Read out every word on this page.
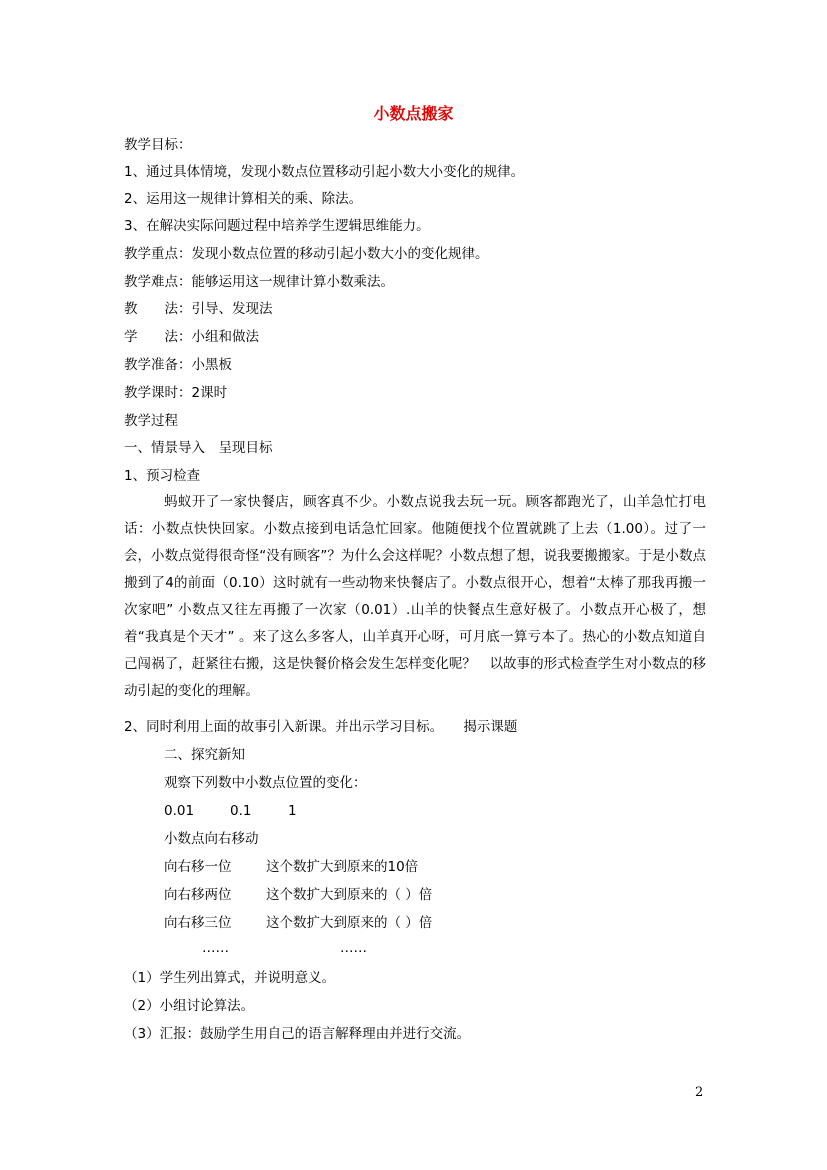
小数点搬家
教学目标：
1、通过具体情境，发现小数点位置移动引起小数大小变化的规律。
2、运用这一规律计算相关的乘、除法。
3、在解决实际问题过程中培养学生逻辑思维能力。
教学重点：发现小数点位置的移动引起小数大小的变化规律。
教学难点：能够运用这一规律计算小数乘法。
教　　法：引导、发现法
学　　法：小组和做法
教学准备：小黑板
教学课时：2课时
教学过程
一、情景导入　呈现目标
1、预习检查
蚂蚁开了一家快餐店，顾客真不少。小数点说我去玩一玩。顾客都跑光了，山羊急忙打电话：小数点快快回家。小数点接到电话急忙回家。他随便找个位置就跳了上去（1.00）。过了一会，小数点觉得很奇怪“没有顾客”？为什么会这样呢？小数点想了想，说我要搬搬家。于是小数点搬到了4的前面（0.10）这时就有一些动物来快餐店了。小数点很开心，想着“太棒了那我再搬一次家吧” 小数点又往左再搬了一次家（0.01）.山羊的快餐点生意好极了。小数点开心极了，想着“我真是个天才” 。来了这么多客人，山羊真开心呀，可月底一算亏本了。热心的小数点知道自己闯祸了，赶紧往右搬，这是快餐价格会发生怎样变化呢？　以故事的形式检查学生对小数点的移动引起的变化的理解。
2、同时利用上面的故事引入新课。并出示学习目标。　　揭示课题
二、探究新知
观察下列数中小数点位置的变化：
0.01	0.1	1
小数点向右移动
向右移一位	这个数扩大到原来的10倍
向右移两位	这个数扩大到原来的（ ）倍
向右移三位	这个数扩大到原来的（ ）倍
……	……
（1）学生列出算式，并说明意义。
（2）小组讨论算法。
（3）汇报：鼓励学生用自己的语言解释理由并进行交流。
2
